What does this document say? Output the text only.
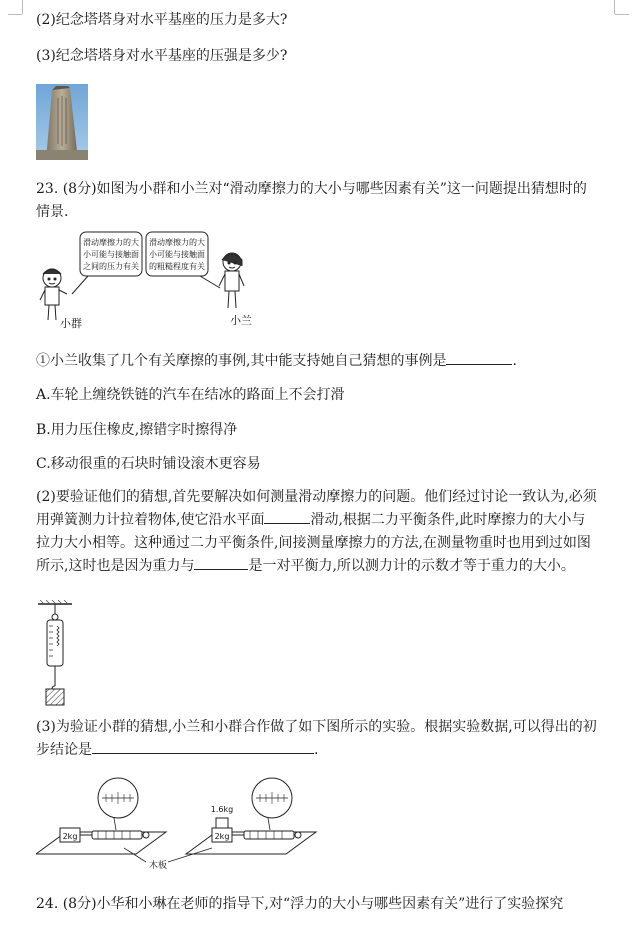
(2)纪念塔塔身对水平基座的压力是多大?
(3)纪念塔塔身对水平基座的压强是多少?
23. (8分)如图为小群和小兰对“滑动摩擦力的大小与哪些因素有关”这一问题提出猜想时的情景.
滑动摩擦力的大
小可能与接触面
之间的压力有关
滑动摩擦力的大
小可能与接触面
的粗糙程度有关
小群	小兰
①小兰收集了几个有关摩擦的事例,其中能支持她自己猜想的事例是	.
A.车轮上缠绕铁链的汽车在结冰的路面上不会打滑
B.用力压住橡皮,擦错字时擦得净
C.移动很重的石块时铺设滚木更容易
(2)要验证他们的猜想,首先要解决如何测量滑动摩擦力的问题。他们经过讨论一致认为,必须用弹簧测力计拉着物体,使它沿水平面	滑动,根据二力平衡条件,此时摩擦力的大小与拉力大小相等。这种通过二力平衡条件,间接测量摩擦力的方法,在测量物重时也用到过如图所示,这时也是因为重力与	是一对平衡力,所以测力计的示数才等于重力的大小。
(3)为验证小群的猜想,小兰和小群合作做了如下图所示的实验。根据实验数据,可以得出的初步结论是	.
2kg	2kg
1.6kg
木板
24. (8分)小华和小琳在老师的指导下,对“浮力的大小与哪些因素有关”进行了实验探究
